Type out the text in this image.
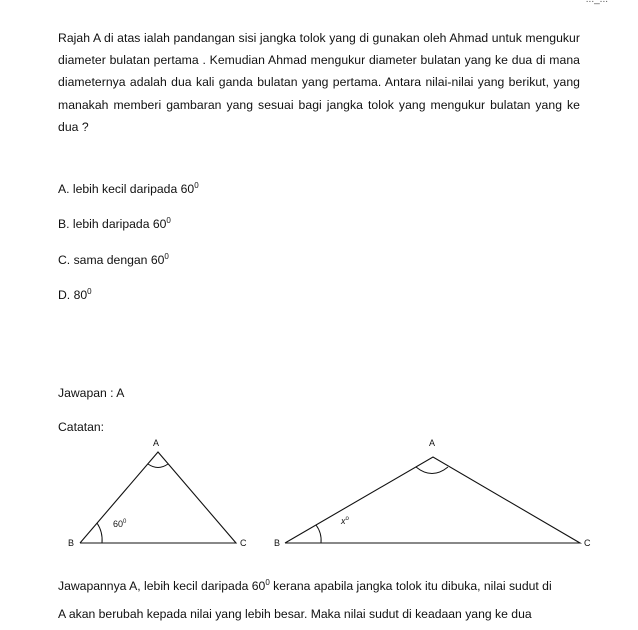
Rajah A di atas ialah pandangan sisi jangka tolok yang di gunakan oleh Ahmad untuk mengukur diameter bulatan pertama . Kemudian Ahmad mengukur diameter bulatan yang ke dua di mana diameternya adalah dua kali ganda bulatan yang pertama. Antara nilai-nilai yang berikut, yang manakah memberi gambaran yang sesuai bagi jangka tolok yang mengukur bulatan yang ke dua ?
A. lebih kecil daripada $60^0$
B. lebih daripada $60^0$
C. sama dengan $60^0$
D. $80^0$
Jawapan : A
Catatan:
A
B	C
$60^0$
A
B	C
$x^o$
Jawapannya A, lebih kecil daripada $60^0$ kerana apabila jangka tolok itu dibuka, nilai sudut di
A akan berubah kepada nilai yang lebih besar. Maka nilai sudut di keadaan yang ke dua
